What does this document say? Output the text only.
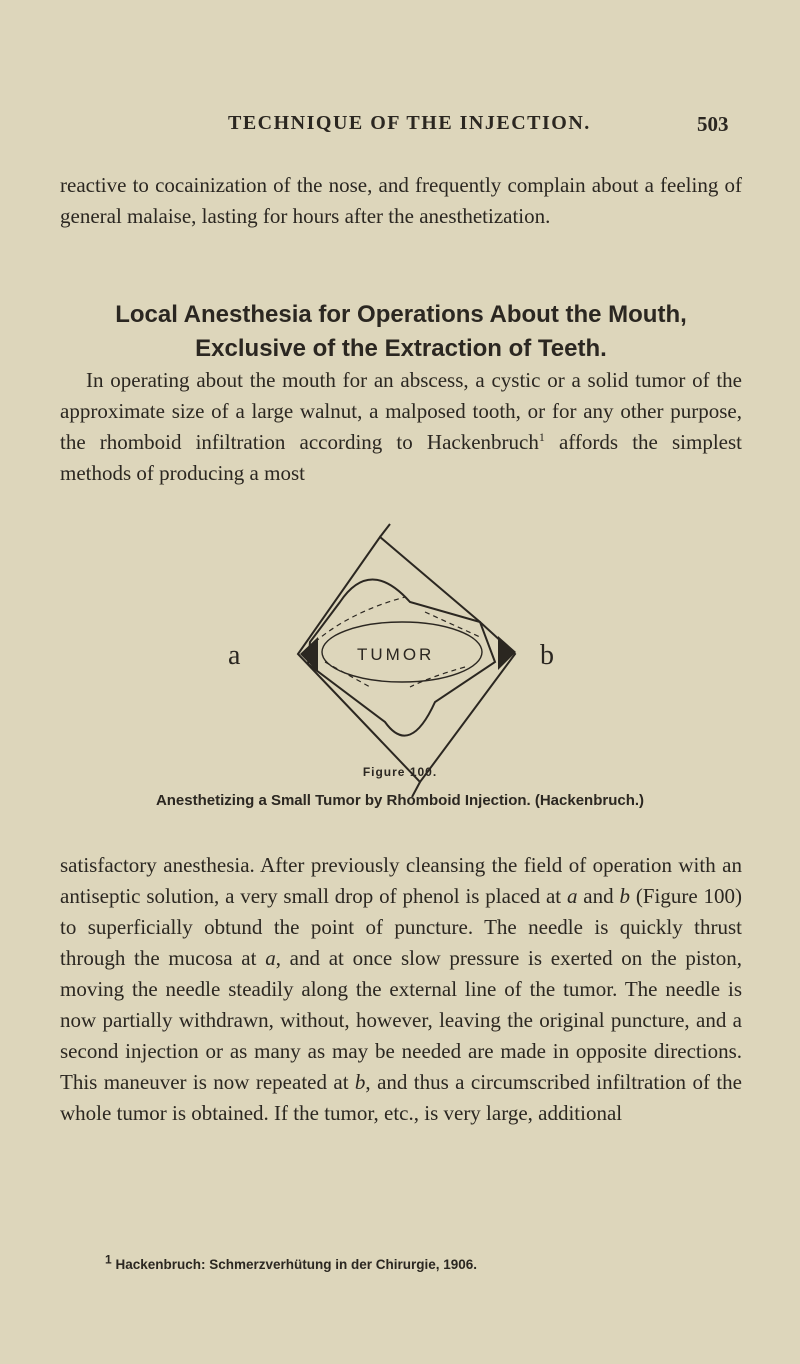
TECHNIQUE OF THE INJECTION.	503

reactive to cocainization of the nose, and frequently complain about a feeling of general malaise, lasting for hours after the anesthetization.

Local Anesthesia for Operations About the Mouth,
Exclusive of the Extraction of Teeth.

In operating about the mouth for an abscess, a cystic or a solid tumor of the approximate size of a large walnut, a malposed tooth, or for any other purpose, the rhomboid infiltration according to Hackenbruch$^1$ affords the simplest methods of producing a most

a	b
TUMOR

Figure 100.

Anesthetizing a Small Tumor by Rhomboid Injection. (Hackenbruch.)

satisfactory anesthesia. After previously cleansing the field of operation with an antiseptic solution, a very small drop of phenol is placed at a and b (Figure 100) to superficially obtund the point of puncture. The needle is quickly thrust through the mucosa at a, and at once slow pressure is exerted on the piston, moving the needle steadily along the external line of the tumor. The needle is now partially withdrawn, without, however, leaving the original puncture, and a second injection or as many as may be needed are made in opposite directions. This maneuver is now repeated at b, and thus a circumscribed infiltration of the whole tumor is obtained. If the tumor, etc., is very large, additional

$^1$ Hackenbruch: Schmerzverhütung in der Chirurgie, 1906.
